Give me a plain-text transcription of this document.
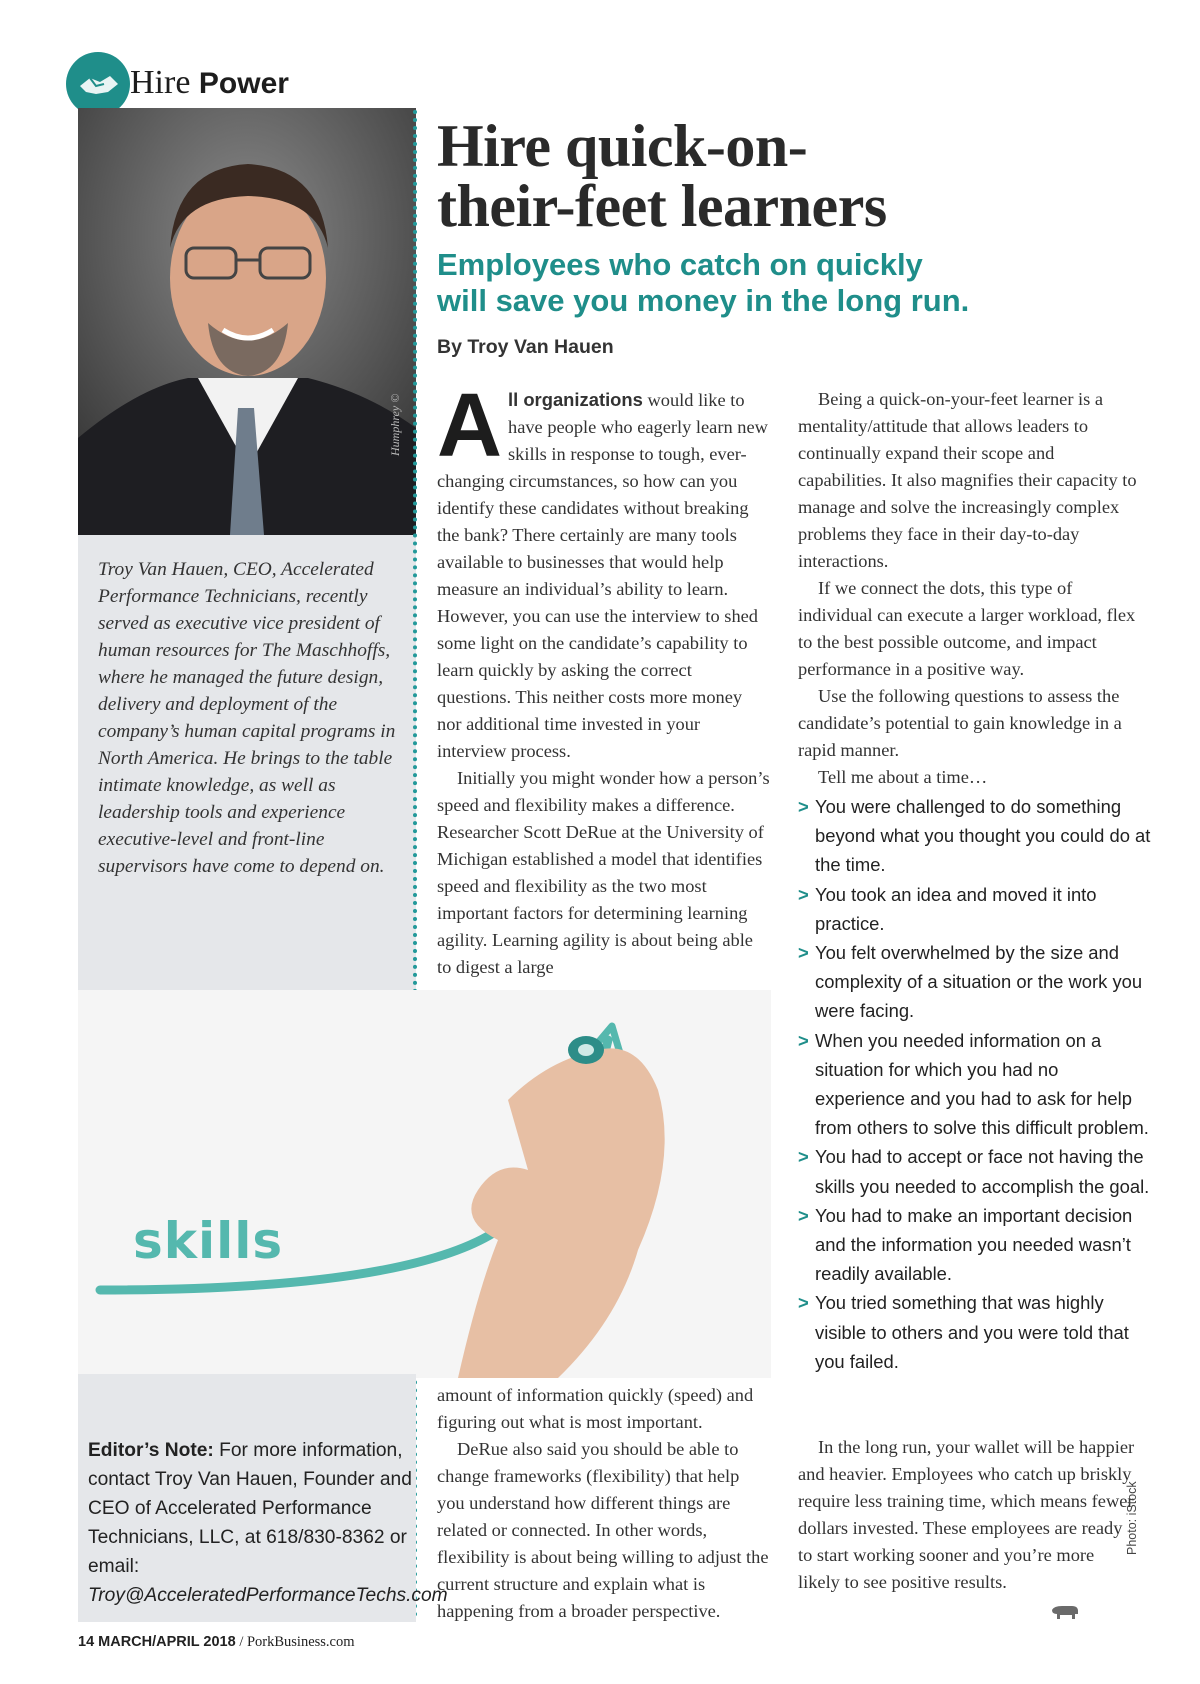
Hire Power
Humphrey ©
Troy Van Hauen, CEO, Accelerated Performance Technicians, recently served as executive vice president of human resources for The Maschhoffs, where he managed the future design, delivery and deployment of the company’s human capital programs in North America. He brings to the table intimate knowledge, as well as leadership tools and experience executive-level and front-line supervisors have come to depend on.
Hire quick-on-
their-feet learners
Employees who catch on quickly
will save you money in the long run.
By Troy Van Hauen

All organizations would like to have people who eagerly learn new skills in response to tough, ever-changing circumstances, so how can you identify these candidates without breaking the bank? There certainly are many tools available to businesses that would help measure an individual’s ability to learn. However, you can use the interview to shed some light on the candidate’s capability to learn quickly by asking the correct questions. This neither costs more money nor additional time invested in your interview process.

Initially you might wonder how a person’s speed and flexibility makes a difference. Researcher Scott DeRue at the University of Michigan established a model that identifies speed and flexibility as the two most important factors for determining learning agility. Learning agility is about being able to digest a large

Being a quick-on-your-feet learner is a mentality/attitude that allows leaders to continually expand their scope and capabilities. It also magnifies their capacity to manage and solve the increasingly complex problems they face in their day-to-day interactions.

If we connect the dots, this type of individual can execute a larger workload, flex to the best possible outcome, and impact performance in a positive way.

Use the following questions to assess the candidate’s potential to gain knowledge in a rapid manner.

Tell me about a time…

> You were challenged to do something beyond what you thought you could do at the time.
> You took an idea and moved it into practice.
> You felt overwhelmed by the size and complexity of a situation or the work you were facing.
> When you needed information on a situation for which you had no experience and you had to ask for help from others to solve this difficult problem.
> You had to accept or face not having the skills you needed to accomplish the goal.
> You had to make an important decision and the information you needed wasn’t readily available.
> You tried something that was highly visible to others and you were told that you failed.

In the long run, your wallet will be happier and heavier. Employees who catch up briskly require less training time, which means fewer dollars invested. These employees are ready to start working sooner and you’re more likely to see positive results.

skills

amount of information quickly (speed) and figuring out what is most important.

DeRue also said you should be able to change frameworks (flexibility) that help you understand how different things are related or connected. In other words, flexibility is about being willing to adjust the current structure and explain what is happening from a broader perspective.

Editor’s Note: For more information, contact Troy Van Hauen, Founder and CEO of Accelerated Performance Technicians, LLC, at 618/830-8362 or email: Troy@AcceleratedPerformanceTechs.com
14 MARCH/APRIL 2018 / PorkBusiness.com
Photo: iStock
